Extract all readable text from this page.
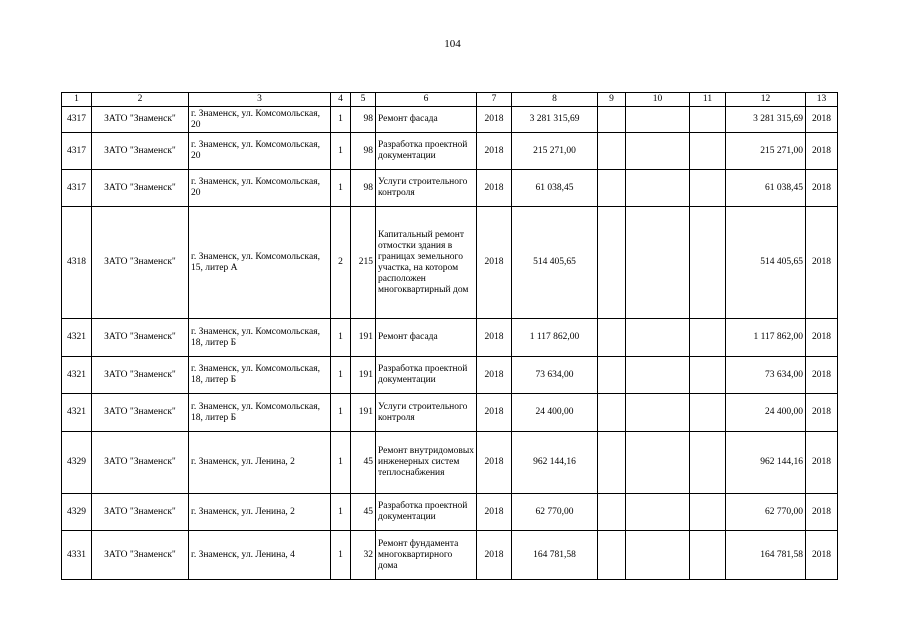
104
1	2	3	4	5	6	7	8	9	10	11	12	13
4317	ЗАТО "Знаменск"	г. Знаменск, ул. Комсомольская, 20	1	98	Ремонт фасада	2018	3 281 315,69				3 281 315,69	2018
4317	ЗАТО "Знаменск"	г. Знаменск, ул. Комсомольская, 20	1	98	Разработка проектной документации	2018	215 271,00				215 271,00	2018
4317	ЗАТО "Знаменск"	г. Знаменск, ул. Комсомольская, 20	1	98	Услуги строительного контроля	2018	61 038,45				61 038,45	2018
4318	ЗАТО "Знаменск"	г. Знаменск, ул. Комсомольская, 15, литер А	2	215	Капитальный ремонт отмостки здания в границах земельного участка, на котором расположен многоквартирный дом	2018	514 405,65				514 405,65	2018
4321	ЗАТО "Знаменск"	г. Знаменск, ул. Комсомольская, 18, литер Б	1	191	Ремонт фасада	2018	1 117 862,00				1 117 862,00	2018
4321	ЗАТО "Знаменск"	г. Знаменск, ул. Комсомольская, 18, литер Б	1	191	Разработка проектной документации	2018	73 634,00				73 634,00	2018
4321	ЗАТО "Знаменск"	г. Знаменск, ул. Комсомольская, 18, литер Б	1	191	Услуги строительного контроля	2018	24 400,00				24 400,00	2018
4329	ЗАТО "Знаменск"	г. Знаменск, ул. Ленина, 2	1	45	Ремонт внутридомовых инженерных систем теплоснабжения	2018	962 144,16				962 144,16	2018
4329	ЗАТО "Знаменск"	г. Знаменск, ул. Ленина, 2	1	45	Разработка проектной документации	2018	62 770,00				62 770,00	2018
4331	ЗАТО "Знаменск"	г. Знаменск, ул. Ленина, 4	1	32	Ремонт фундамента многоквартирного дома	2018	164 781,58				164 781,58	2018
